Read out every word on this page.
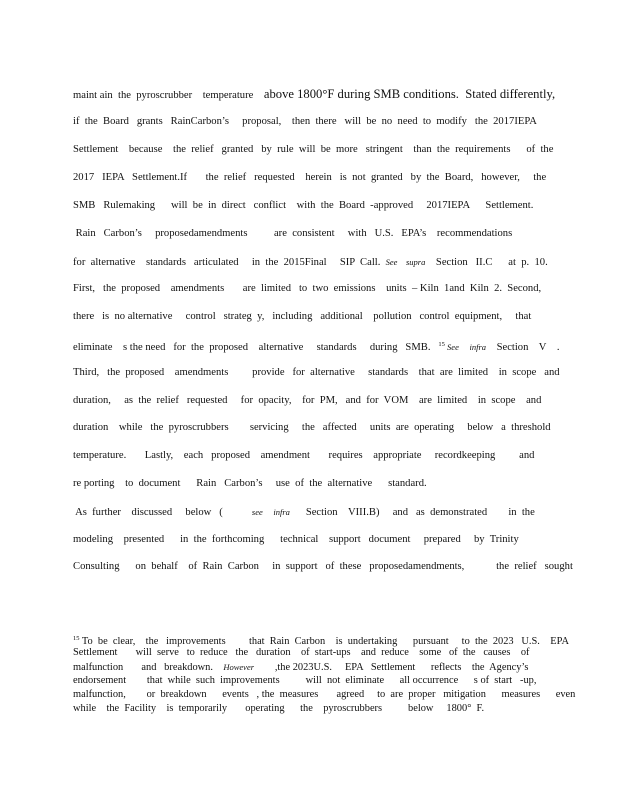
maint ain  the  pyroscrubber    temperature    above 1800°F during SMB conditions.  Stated differently,
if  the  Board   grants   RainCarbon’s     proposal,    then  there   will  be  no  need  to  modify   the  2017IEPA
Settlement    because    the  relief   granted   by  rule  will  be  more   stringent    than  the  requirements      of  the
2017   IEPA   Settlement.If       the  relief   requested    herein   is  not  granted   by  the  Board,   however,     the
SMB   Rulemaking      will  be  in  direct   conflict    with  the  Board  -approved     2017IEPA      Settlement.
Rain   Carbon’s     proposedamendments          are  consistent     with   U.S.   EPA’s    recommendations
for  alternative    standards   articulated     in  the  2015Final     SIP  Call.  See    supra    Section   II.C      at  p.  10.
First,   the  proposed    amendments       are  limited   to  two  emissions    units  – Kiln  1and  Kiln  2.  Second,
there   is  no alternative     control   strateg  y,   including   additional    pollution   control  equipment,     that
eliminate    s the need   for  the  proposed    alternative     standards     during   SMB.   $^{15}$ See     infra    Section    V    .
Third,   the  proposed    amendments         provide   for  alternative     standards    that  are  limited    in  scope   and
duration,     as  the  relief   requested     for  opacity,    for  PM,   and  for  VOM    are  limited    in  scope    and
duration    while   the  pyroscrubbers        servicing     the   affected     units  are  operating     below   a  threshold
temperature.       Lastly,    each   proposed    amendment       requires    appropriate     recordkeeping         and
re porting    to  document      Rain   Carbon’s     use  of  the  alternative      standard.
As  further    discussed     below   (           see     infra      Section    VIII.B)     and   as  demonstrated        in  the
modeling    presented      in  the  forthcoming      technical    support   document     prepared     by  Trinity
Consulting      on  behalf    of  Rain  Carbon     in  support   of  these   proposedamendments,            the  relief   sought
$^{15}$ To  be  clear,    the   improvements         that  Rain  Carbon    is  undertaking      pursuant     to  the  2023   U.S.    EPA
Settlement       will  serve   to  reduce   the   duration    of  start-ups    and  reduce    some   of  the   causes    of
malfunction       and   breakdown.    However        ,the 2023U.S.     EPA   Settlement      reflects    the  Agency’s
endorsement        that  while  such  improvements          will  not  eliminate      all occurrence      s of  start   -up,
malfunction,        or  breakdown      events   , the  measures       agreed     to  are  proper   mitigation      measures      even
while    the  Facility    is  temporarily       operating      the    pyroscrubbers          below     1800°  F.
